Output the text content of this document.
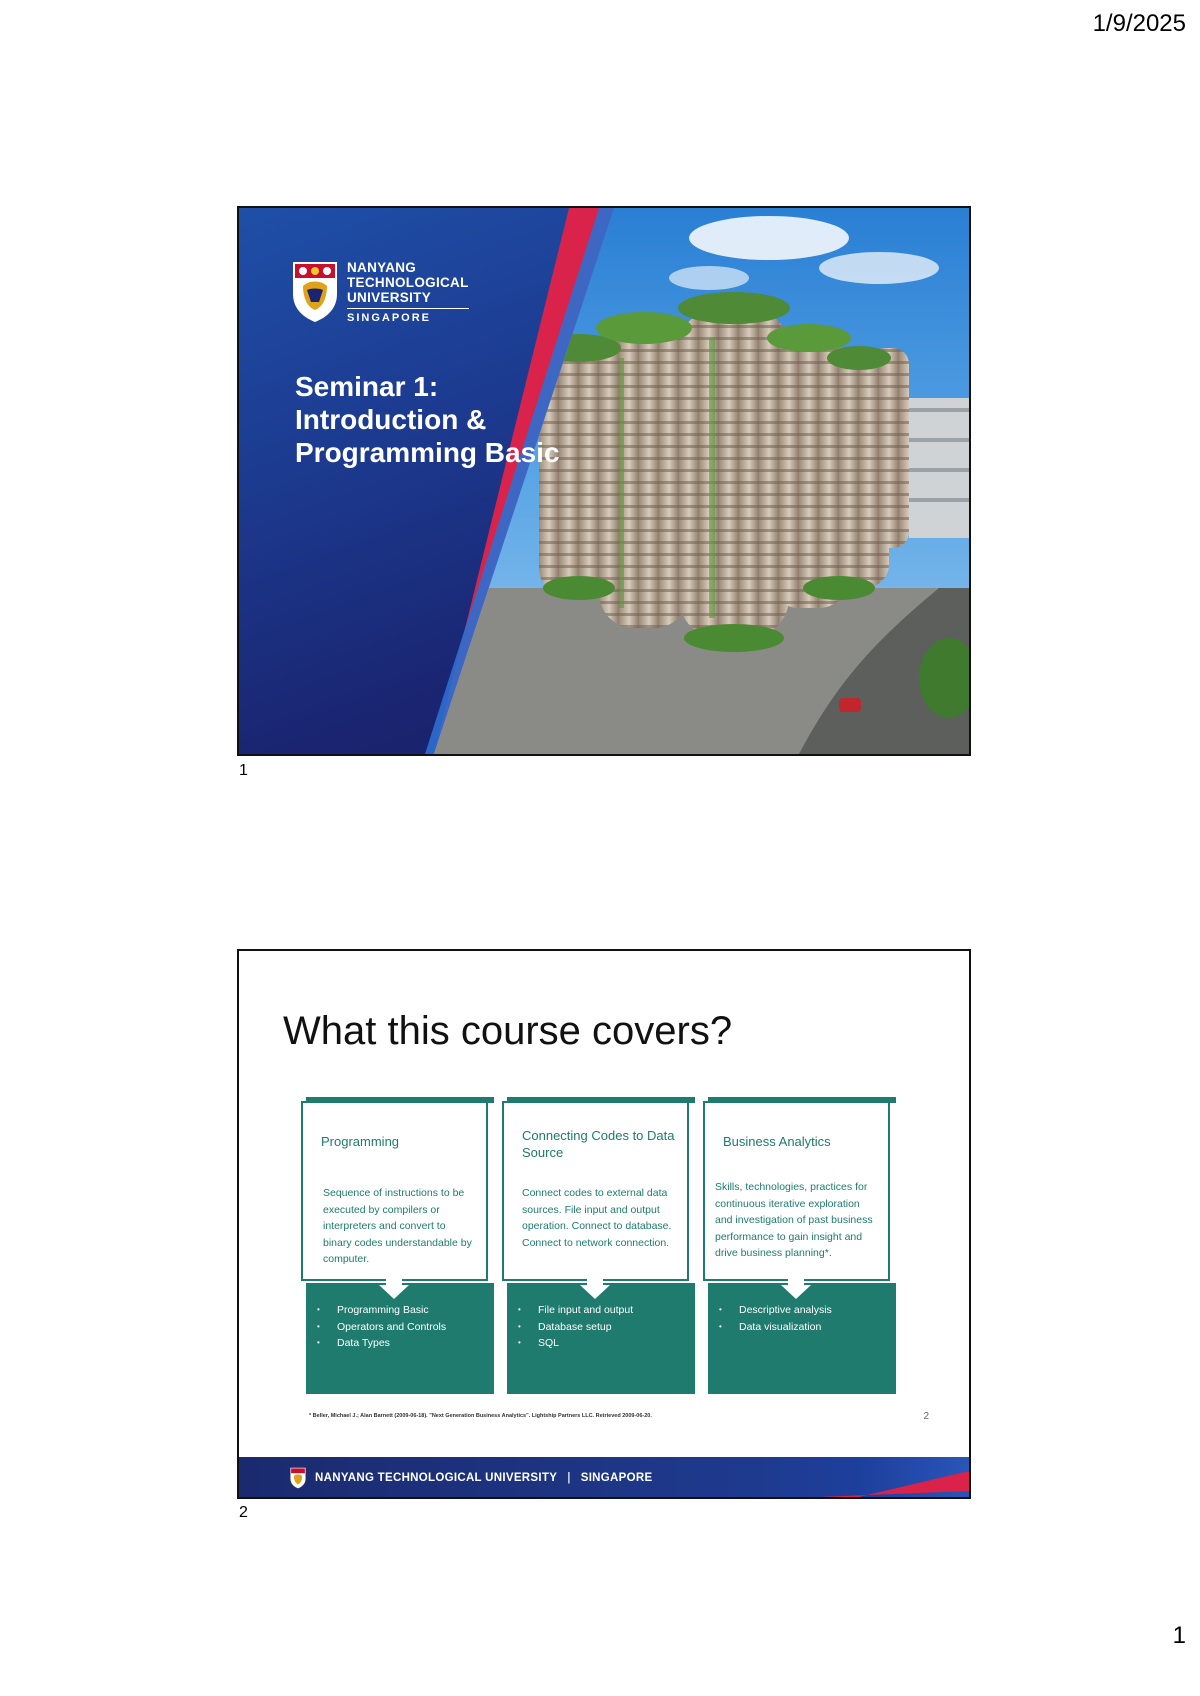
1/9/2025
NANYANG
TECHNOLOGICAL
UNIVERSITY
SINGAPORE
Seminar 1:
Introduction &
Programming Basic
1
What this course covers?
Programming
Sequence of instructions to be executed by compilers or interpreters and convert to binary codes understandable by computer.
• Programming Basic
• Operators and Controls
• Data Types
Connecting Codes to Data Source
Connect codes to external data sources. File input and output operation. Connect to database. Connect to network connection.
• File input and output
• Database setup
• SQL
Business Analytics
Skills, technologies, practices for continuous iterative exploration and investigation of past business performance to gain insight and drive business planning*.
• Descriptive analysis
• Data visualization
* Beller, Michael J.; Alan Barnett (2009-06-18). "Next Generation Business Analytics". Lightship Partners LLC. Retrieved 2009-06-20.	2
NANYANG TECHNOLOGICAL UNIVERSITY | SINGAPORE
2
1
